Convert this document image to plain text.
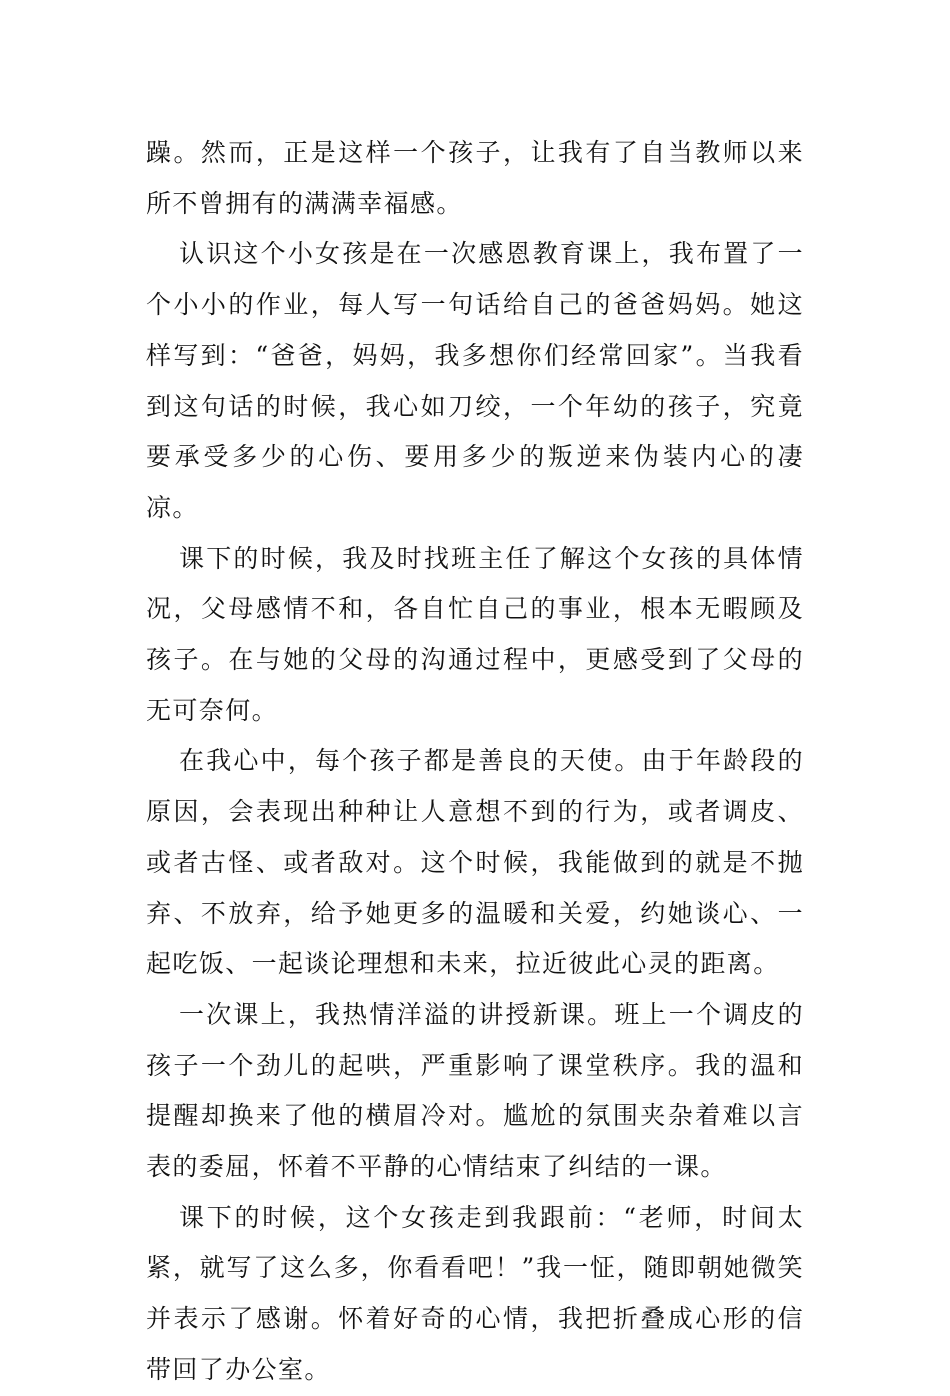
躁。然而，正是这样一个孩子，让我有了自当教师以来所不曾拥有的满满幸福感。

认识这个小女孩是在一次感恩教育课上，我布置了一个小小的作业，每人写一句话给自己的爸爸妈妈。她这样写到：“爸爸，妈妈，我多想你们经常回家”。当我看到这句话的时候，我心如刀绞，一个年幼的孩子，究竟要承受多少的心伤、要用多少的叛逆来伪装内心的凄凉。

课下的时候，我及时找班主任了解这个女孩的具体情况，父母感情不和，各自忙自己的事业，根本无暇顾及孩子。在与她的父母的沟通过程中，更感受到了父母的无可奈何。

在我心中，每个孩子都是善良的天使。由于年龄段的原因，会表现出种种让人意想不到的行为，或者调皮、或者古怪、或者敌对。这个时候，我能做到的就是不抛弃、不放弃，给予她更多的温暖和关爱，约她谈心、一起吃饭、一起谈论理想和未来，拉近彼此心灵的距离。

一次课上，我热情洋溢的讲授新课。班上一个调皮的孩子一个劲儿的起哄，严重影响了课堂秩序。我的温和提醒却换来了他的横眉冷对。尴尬的氛围夹杂着难以言表的委屈，怀着不平静的心情结束了纠结的一课。

课下的时候，这个女孩走到我跟前：“老师，时间太紧，就写了这么多，你看看吧！”我一怔，随即朝她微笑并表示了感谢。怀着好奇的心情，我把折叠成心形的信带回了办公室。
